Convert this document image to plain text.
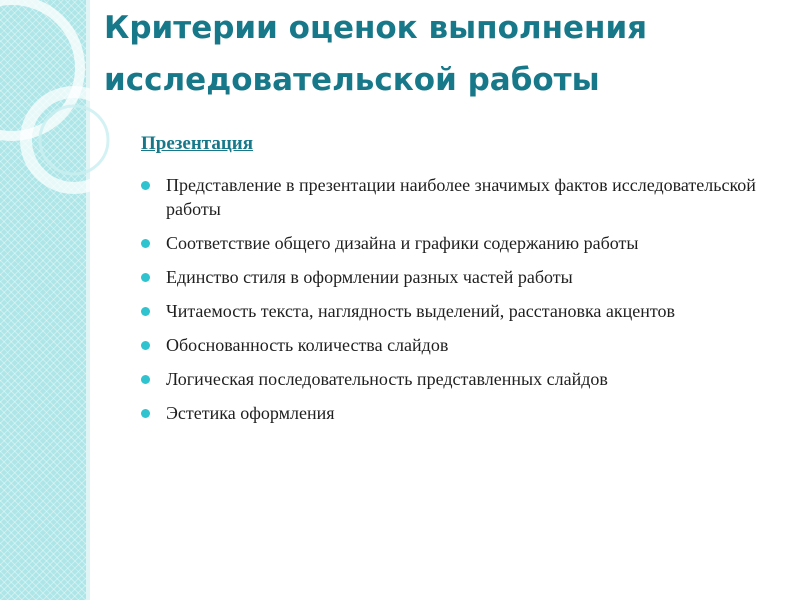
Критерии оценок выполнения
исследовательской работы
Презентация
Представление в презентации наиболее значимых фактов исследовательской работы
Соответствие общего дизайна и графики содержанию работы
Единство стиля в оформлении разных частей работы
Читаемость текста, наглядность выделений, расстановка акцентов
Обоснованность количества слайдов
Логическая последовательность представленных слайдов
Эстетика оформления
